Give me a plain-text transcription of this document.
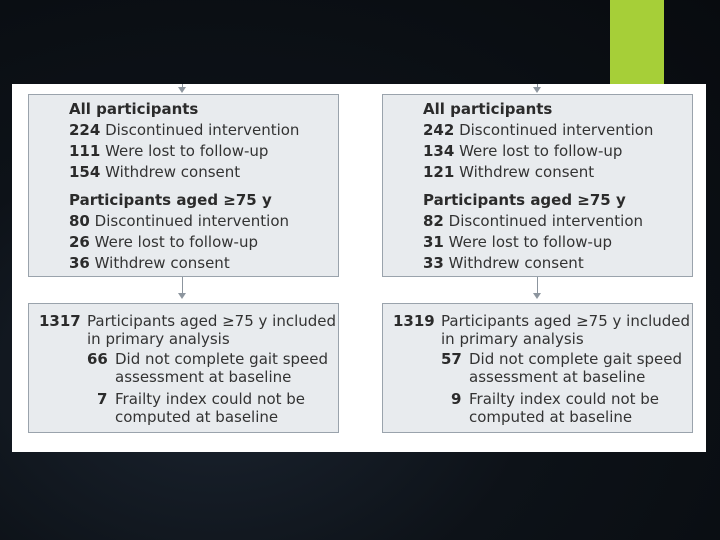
All participants
224 Discontinued intervention
111 Were lost to follow-up
154 Withdrew consent
Participants aged ≥75 y
80 Discontinued intervention
26 Were lost to follow-up
36 Withdrew consent
All participants
242 Discontinued intervention
134 Were lost to follow-up
121 Withdrew consent
Participants aged ≥75 y
82 Discontinued intervention
31 Were lost to follow-up
33 Withdrew consent
1317 Participants aged ≥75 y included
in primary analysis
66 Did not complete gait speed
assessment at baseline
7 Frailty index could not be
computed at baseline
1319 Participants aged ≥75 y included
in primary analysis
57 Did not complete gait speed
assessment at baseline
9 Frailty index could not be
computed at baseline
